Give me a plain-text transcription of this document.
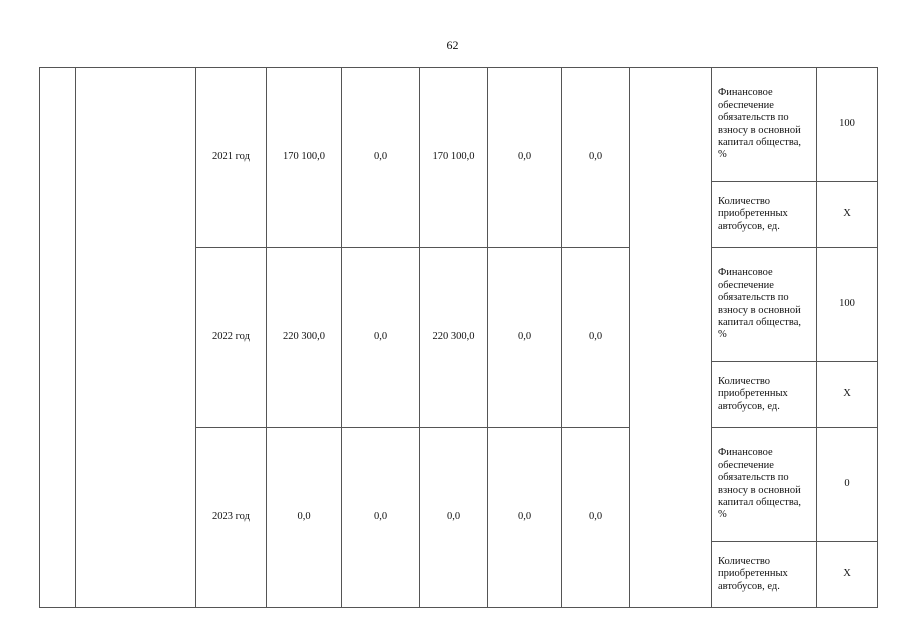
62
		2021 год	170 100,0	0,0	170 100,0	0,0	0,0		Финансовое обеспечение обязательств по взносу в основной капитал общества, %	100

									Количество приобретенных автобусов, ед.	Х
		2022 год	220 300,0	0,0	220 300,0	0,0	0,0		Финансовое обеспечение обязательств по взносу в основной капитал общества, %	100

									Количество приобретенных автобусов, ед.	Х
		2023 год	0,0	0,0	0,0	0,0	0,0		Финансовое обеспечение обязательств по взносу в основной капитал общества, %	0

									Количество приобретенных автобусов, ед.	Х
